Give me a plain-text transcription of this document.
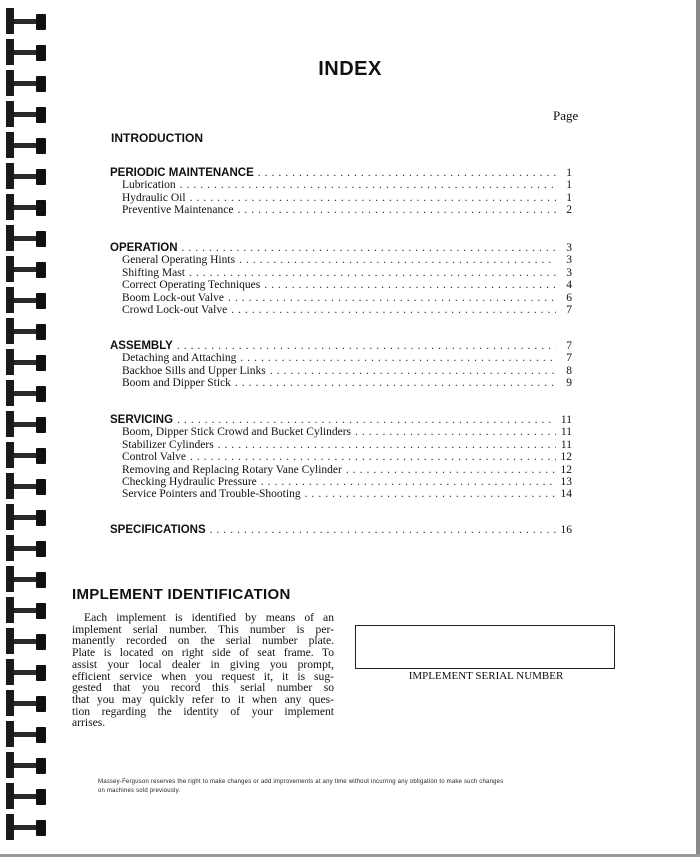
INDEX
Page
INTRODUCTION
PERIODIC MAINTENANCE .....	1
Lubrication .....	1
Hydraulic Oil .....	1
Preventive Maintenance .....	2
OPERATION .....	3
General Operating Hints .....	3
Shifting Mast .....	3
Correct Operating Techniques .....	4
Boom Lock-out Valve .....	6
Crowd Lock-out Valve .....	7
ASSEMBLY .....	7
Detaching and Attaching .....	7
Backhoe Sills and Upper Links .....	8
Boom and Dipper Stick .....	9
SERVICING .....	11
Boom, Dipper Stick Crowd and Bucket Cylinders .....	11
Stabilizer Cylinders .....	11
Control Valve .....	12
Removing and Replacing Rotary Vane Cylinder .....	12
Checking Hydraulic Pressure .....	13
Service Pointers and Trouble-Shooting .....	14
SPECIFICATIONS .....	16
IMPLEMENT IDENTIFICATION
Each implement is identified by means of an
implement serial number. This number is per-
manently recorded on the serial number plate.
Plate is located on right side of seat frame. To
assist your local dealer in giving you prompt,
efficient service when you request it, it is sug-
gested that you record this serial number so
that you may quickly refer to it when any ques-
tion regarding the identity of your implement
arrises.
IMPLEMENT SERIAL NUMBER
Massey-Ferguson reserves the right to make changes or add improvements at any time without incurring any obligation to make such changes
on machines sold previously.
